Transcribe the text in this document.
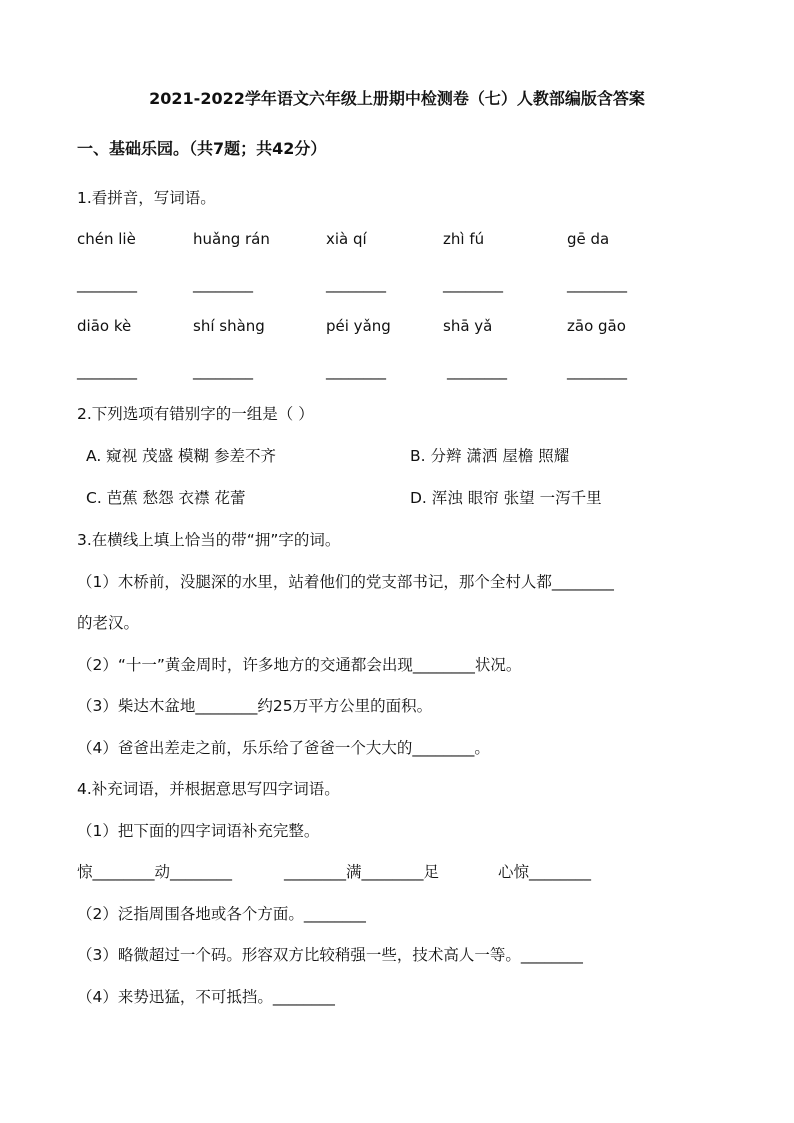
2021-2022学年语文六年级上册期中检测卷（七）人教部编版含答案
一、基础乐园。（共7题；共42分）
1.看拼音，写词语。
chén liè	huǎng rán	xià qí	zhì fú	gē da
________	________	________	________	________
diāo kè	shí shàng	péi yǎng	shā yǎ	zāo gāo
________	________	________	________	________
2.下列选项有错别字的一组是（ ）
A. 窥视 茂盛 模糊 参差不齐	B. 分辫 潇洒 屋檐 照耀
C. 芭蕉 愁怨 衣襟 花蕾	D. 浑浊 眼帘 张望 一泻千里
3.在横线上填上恰当的带“拥”字的词。
（1）木桥前，没腿深的水里，站着他们的党支部书记，那个全村人都________
的老汉。
（2）“十一”黄金周时，许多地方的交通都会出现________状况。
（3）柴达木盆地________约25万平方公里的面积。
（4）爸爸出差走之前，乐乐给了爸爸一个大大的________。
4.补充词语，并根据意思写四字词语。
（1）把下面的四字词语补充完整。
惊________动________	________满________足	心惊________
（2）泛指周围各地或各个方面。________
（3）略微超过一个码。形容双方比较稍强一些，技术高人一等。________
（4）来势迅猛，不可抵挡。________
